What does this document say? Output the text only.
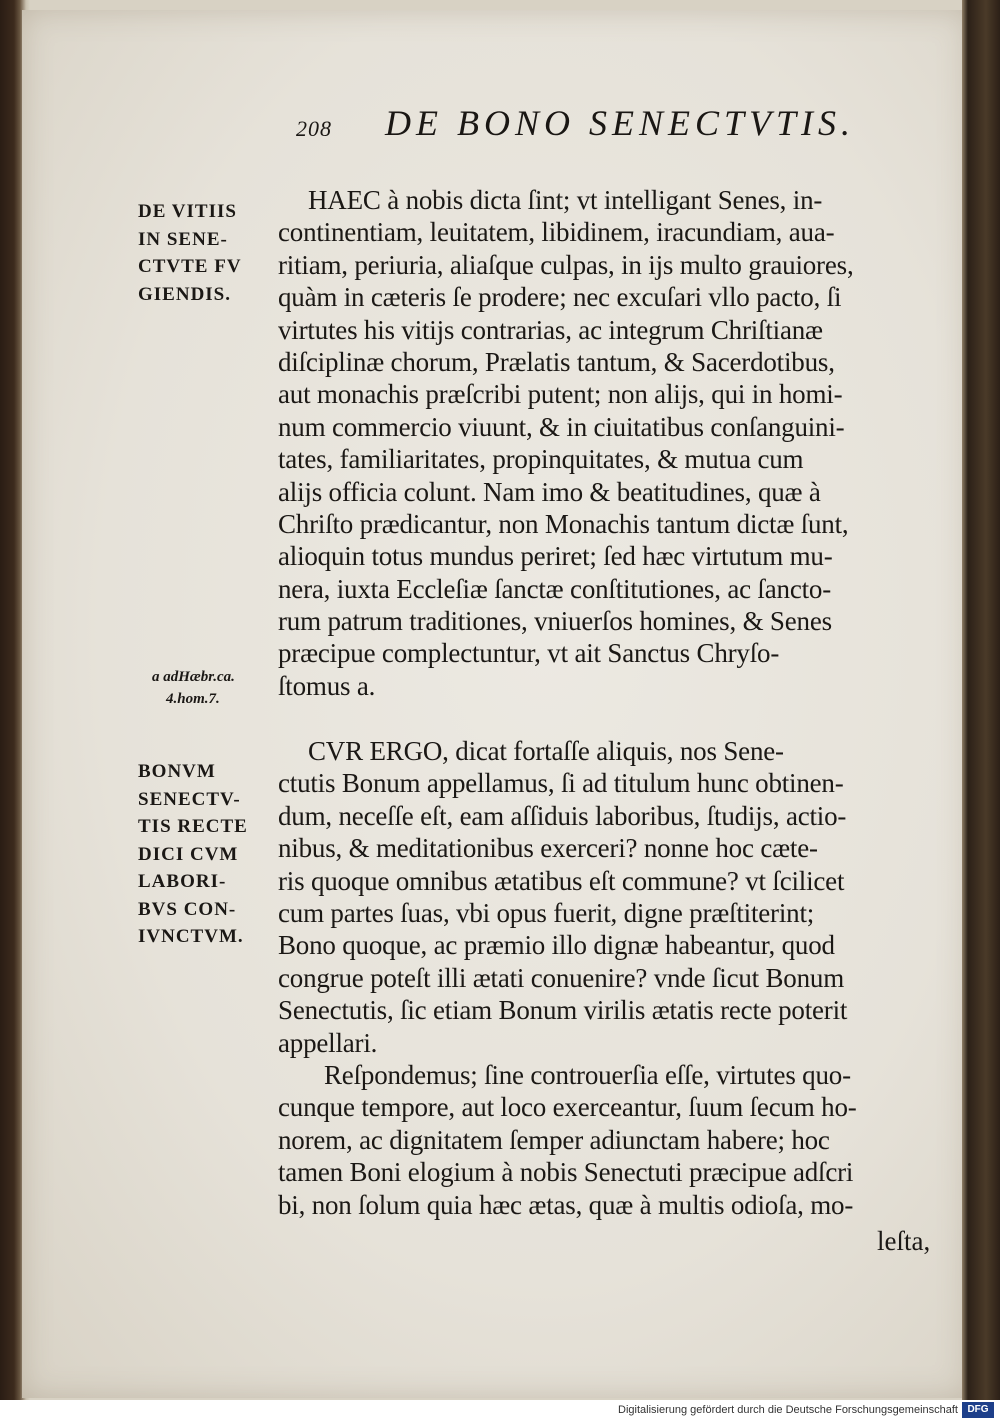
208 DE BONO SENECTVTIS.
DE VITIIS
IN SENE-
CTVTE FV
GIENDIS.
a adHæbr.ca.
4.hom.7.
BONVM
SENECTV-
TIS RECTE
DICI CVM
LABORI-
BVS CON-
IVNCTVM.
HAEC à nobis dicta ſint; vt intelligant Senes, in-
continentiam, leuitatem, libidinem, iracundiam, aua-
ritiam, periuria, aliaſque culpas, in ijs multo grauiores,
quàm in cæteris ſe prodere; nec excuſari vllo pacto, ſi
virtutes his vitijs contrarias, ac integrum Chriſtianæ
diſciplinæ chorum, Prælatis tantum, & Sacerdotibus,
aut monachis præſcribi putent; non alijs, qui in homi-
num commercio viuunt, & in ciuitatibus conſanguini-
tates, familiaritates, propinquitates, & mutua cum
alijs officia colunt. Nam imo & beatitudines, quæ à
Chriſto prædicantur, non Monachis tantum dictæ ſunt,
alioquin totus mundus periret; ſed hæc virtutum mu-
nera, iuxta Eccleſiæ ſanctæ conſtitutiones, ac ſancto-
rum patrum traditiones, vniuerſos homines, & Senes
præcipue complectuntur, vt ait Sanctus Chryſo-
ſtomus a.
CVR ERGO, dicat fortaſſe aliquis, nos Sene-
ctutis Bonum appellamus, ſi ad titulum hunc obtinen-
dum, neceſſe eſt, eam aſſiduis laboribus, ſtudijs, actio-
nibus, & meditationibus exerceri? nonne hoc cæte-
ris quoque omnibus ætatibus eſt commune? vt ſcilicet
cum partes ſuas, vbi opus fuerit, digne præſtiterint;
Bono quoque, ac præmio illo dignæ habeantur, quod
congrue poteſt illi ætati conuenire? vnde ſicut Bonum
Senectutis, ſic etiam Bonum virilis ætatis recte poterit
appellari.
Reſpondemus; ſine controuerſia eſſe, virtutes quo-
cunque tempore, aut loco exerceantur, ſuum ſecum ho-
norem, ac dignitatem ſemper adiunctam habere; hoc
tamen Boni elogium à nobis Senectuti præcipue adſcri
bi, non ſolum quia hæc ætas, quæ à multis odioſa, mo-
leſta,
Digitalisierung gefördert durch die Deutsche Forschungsgemeinschaft DFG
